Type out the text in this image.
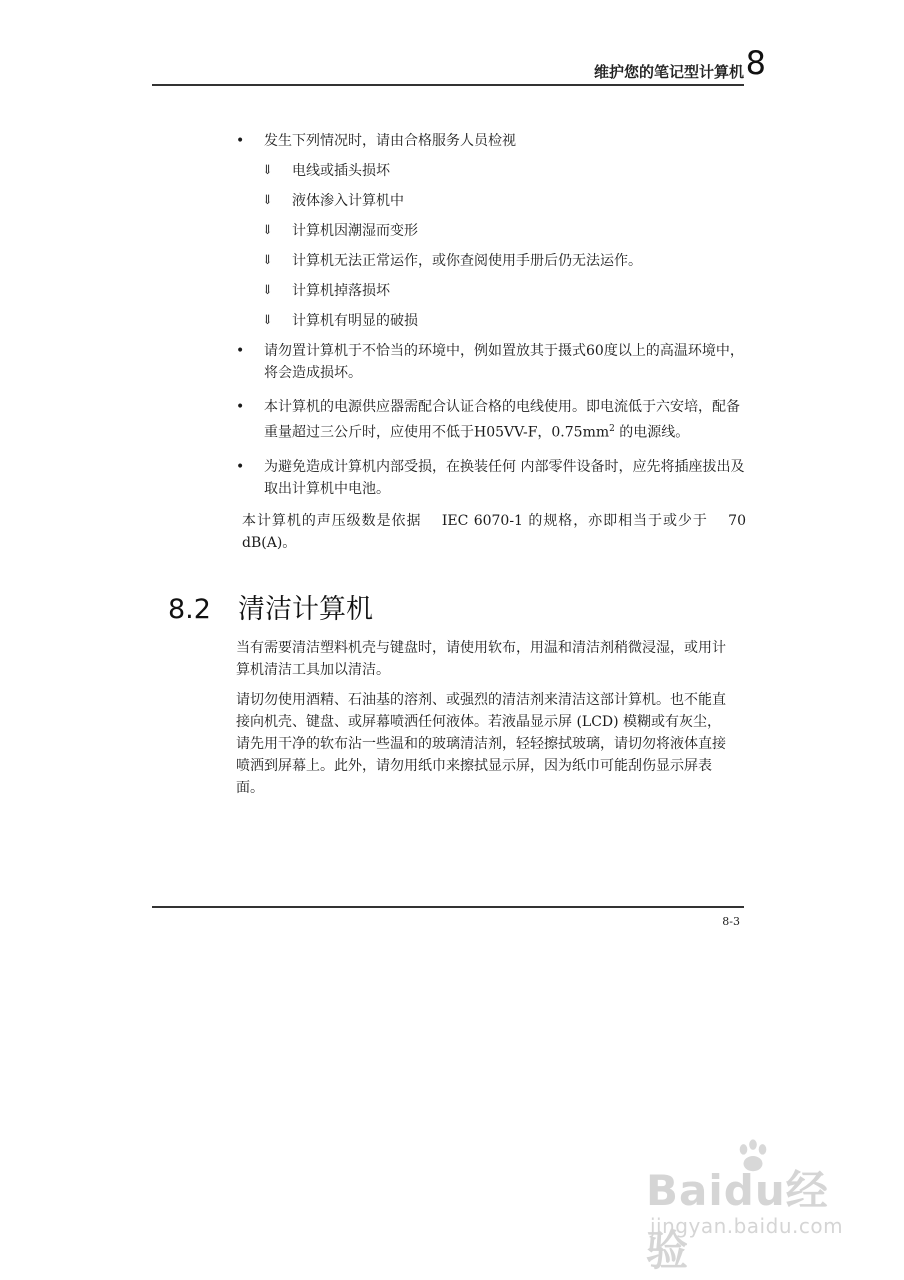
维护您的笔记型计算机 8
• 发生下列情况时，请由合格服务人员检视
⇓ 电线或插头损坏
⇓ 液体渗入计算机中
⇓ 计算机因潮湿而变形
⇓ 计算机无法正常运作，或你查阅使用手册后仍无法运作。
⇓ 计算机掉落损坏
⇓ 计算机有明显的破损
• 请勿置计算机于不恰当的环境中，例如置放其于摄式60度以上的高温环境中，将会造成损坏。
• 本计算机的电源供应器需配合认证合格的电线使用。即电流低于六安培，配备重量超过三公斤时，应使用不低于H05VV-F，$0.75mm^2$ 的电源线。
• 为避免造成计算机内部受损，在换装任何 内部零件设备时，应先将插座拔出及取出计算机中电池。
本计算机的声压级数是依据　 IEC 6070-1 的规格，亦即相当于或少于　 70 dB(A)。
8.2 清洁计算机

当有需要清洁塑料机壳与键盘时，请使用软布，用温和清洁剂稍微浸湿，或用计算机清洁工具加以清洁。

请切勿使用酒精、石油基的溶剂、或强烈的清洁剂来清洁这部计算机。也不能直接向机壳、键盘、或屏幕喷洒任何液体。若液晶显示屏 (LCD) 模糊或有灰尘，请先用干净的软布沾一些温和的玻璃清洁剂，轻轻擦拭玻璃，请切勿将液体直接喷洒到屏幕上。此外，请勿用纸巾来擦拭显示屏，因为纸巾可能刮伤显示屏表面。

8-3
Baidu经验
jingyan.baidu.com
